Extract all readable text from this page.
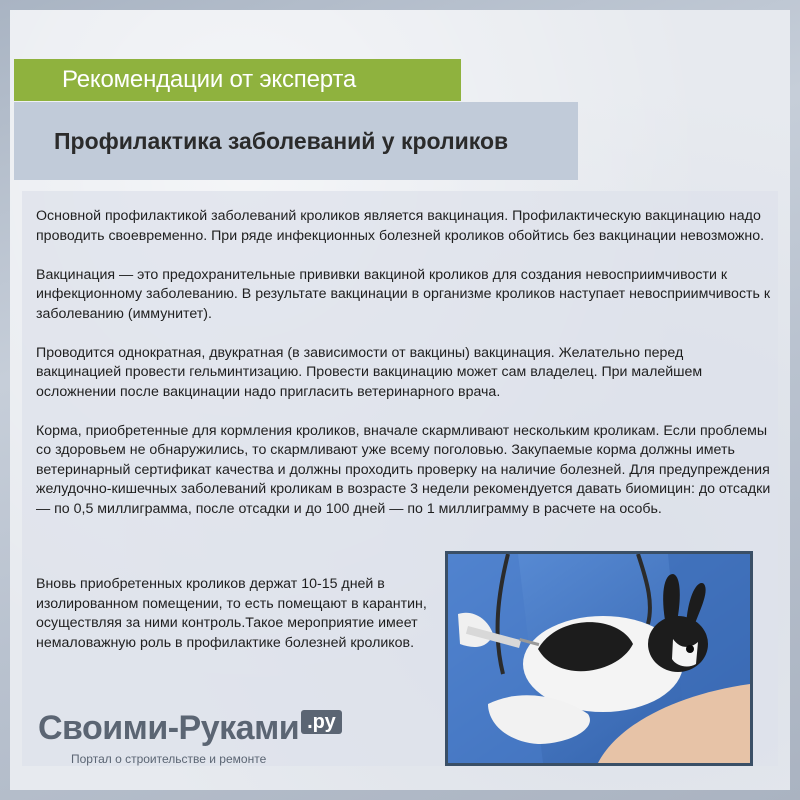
Рекомендации от эксперта
Профилактика заболеваний у кроликов

Основной профилактикой заболеваний кроликов является вакцинация. Профилактическую вакцинацию надо проводить своевременно. При ряде инфекционных болезней кроликов обойтись без вакцинации невозможно.

Вакцинация — это предохранительные прививки вакциной кроликов для создания невосприимчивости к инфекционному заболеванию. В результате вакцинации в организме кроликов наступает невосприимчивость к заболеванию (иммунитет).

Проводится однократная, двукратная (в зависимости от вакцины) вакцинация. Желательно перед вакцинацией провести гельминтизацию. Провести вакцинацию может сам владелец. При малейшем осложнении после вакцинации надо пригласить ветеринарного врача.

Корма, приобретенные для кормления кроликов, вначале скармливают нескольким кроликам. Если проблемы со здоровьем не обнаружились, то скармливают уже всему поголовью. Закупаемые корма должны иметь ветеринарный сертификат качества и должны проходить проверку на наличие болезней. Для предупреждения желудочно-кишечных заболеваний кроликам в возрасте 3 недели рекомендуется давать биомицин: до отсадки — по 0,5 миллиграмма, после отсадки и до 100 дней — по 1 миллиграмму в расчете на особь.

Вновь приобретенных кроликов держат 10-15 дней в изолированном помещении, то есть помещают в карантин, осуществляя за ними контроль.Такое мероприятие имеет немаловажную роль в профилактике болезней кроликов.

Своими-Руками .ру
Портал о строительстве и ремонте
